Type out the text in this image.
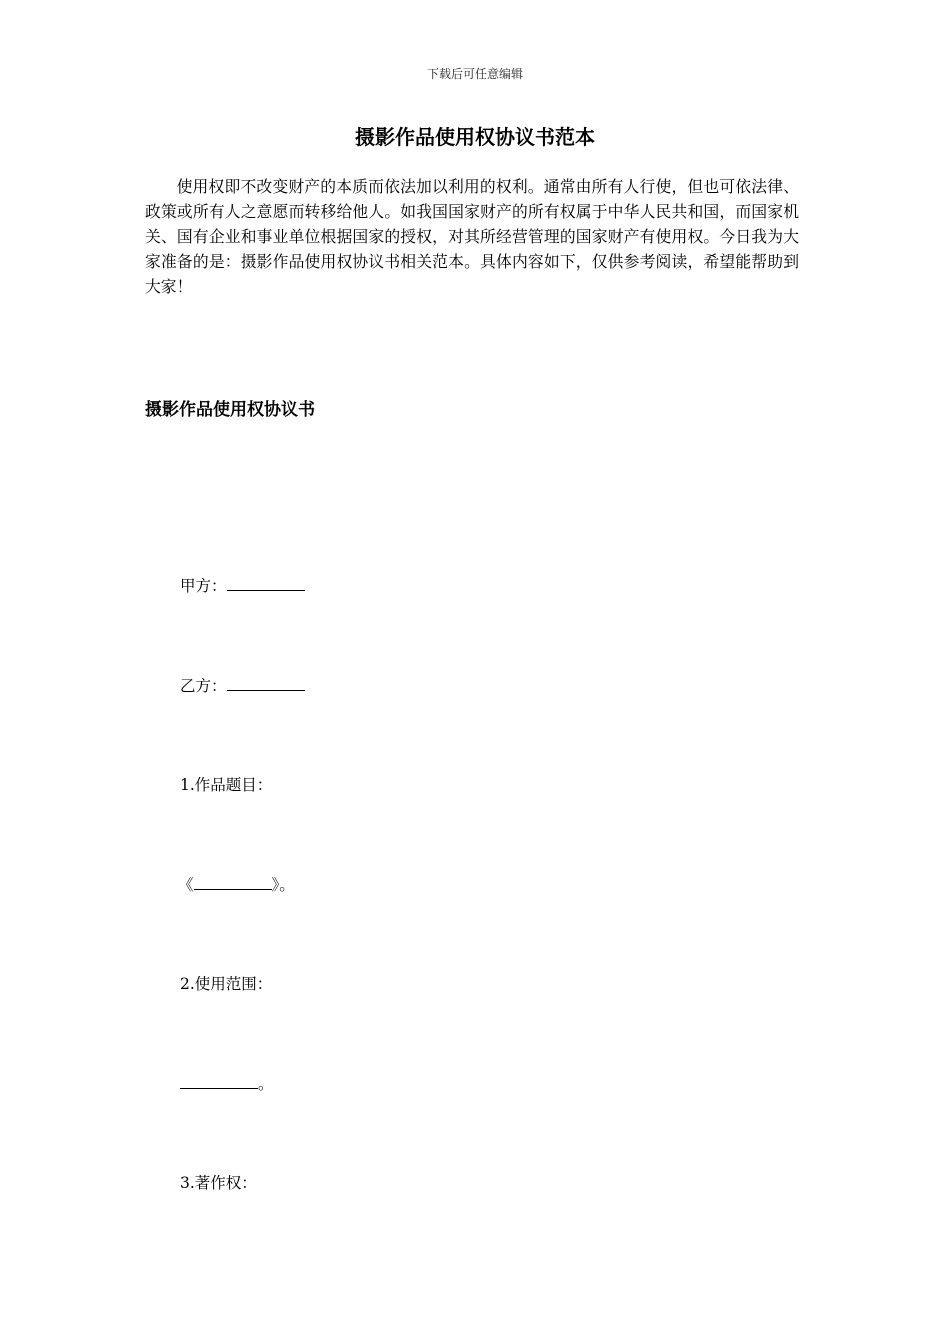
下载后可任意编辑
摄影作品使用权协议书范本

使用权即不改变财产的本质而依法加以利用的权利。通常由所有人行使，但也可依法律、政策或所有人之意愿而转移给他人。如我国国家财产的所有权属于中华人民共和国，而国家机关、国有企业和事业单位根据国家的授权，对其所经营管理的国家财产有使用权。今日我为大家准备的是：摄影作品使用权协议书相关范本。具体内容如下，仅供参考阅读，希望能帮助到大家！

摄影作品使用权协议书

甲方：

乙方：

1.作品题目：

《	》。

2.使用范围：

。

3.著作权：
